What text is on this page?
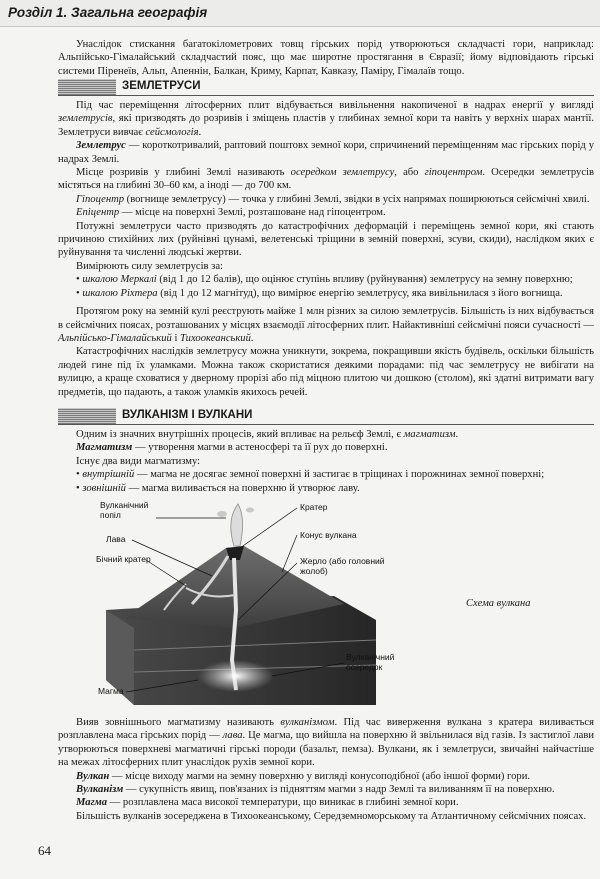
Розділ 1. Загальна географія

Унаслідок стискання багатокілометрових товщ гірських порід утворюються складчасті гори, наприклад: Альпійсько-Гімалайський складчастий пояс, що має широтне простягання в Євразії; йому відповідають гірські системи Піренеїв, Альп, Апеннін, Балкан, Криму, Карпат, Кавказу, Паміру, Гімалаїв тощо.

ЗЕМЛЕТРУСИ

Під час переміщення літосферних плит відбувається вивільнення накопиченої в надрах енергії у вигляді землетрусів, які призводять до розривів і зміщень пластів у глибинах земної кори та навіть у верхніх шарах мантії. Землетруси вивчає сейсмологія.

Землетрус — короткотривалий, раптовий поштовх земної кори, спричинений переміщенням мас гірських порід у надрах Землі.

Місце розривів у глибині Землі називають осередком землетрусу, або гіпоцентром. Осередки землетрусів містяться на глибині 30–60 км, а іноді — до 700 км.

Гіпоцентр (вогнище землетрусу) — точка у глибині Землі, звідки в усіх напрямах поширюються сейсмічні хвилі.

Епіцентр — місце на поверхні Землі, розташоване над гіпоцентром.

Потужні землетруси часто призводять до катастрофічних деформацій і переміщень земної кори, які стають причиною стихійних лих (руйнівні цунамі, велетенські тріщини в земній поверхні, зсуви, скиди), наслідком яких є руйнування та численні людські жертви.

Вимірюють силу землетрусів за:

• шкалою Меркалі (від 1 до 12 балів), що оцінює ступінь впливу (руйнування) землетрусу на земну поверхню;

• шкалою Ріхтера (від 1 до 12 магнітуд), що вимірює енергію землетрусу, яка вивільнилася з його вогнища.

Протягом року на земній кулі реєструють майже 1 млн різних за силою землетрусів. Більшість із них відбувається в сейсмічних поясах, розташованих у місцях взаємодії літосферних плит. Найактивніші сейсмічні пояси сучасності — Альпійсько-Гімалайський і Тихоокеанський.

Катастрофічних наслідків землетрусу можна уникнути, зокрема, покращивши якість будівель, оскільки більшість людей гине під їх уламками. Можна також скористатися деякими порадами: під час землетрусу не вибігати на вулицю, а краще сховатися у дверному прорізі або під міцною плитою чи дошкою (столом), які здатні витримати вагу предметів, що падають, а також уламків якихось речей.

ВУЛКАНІЗМ І ВУЛКАНИ

Одним із значних внутрішніх процесів, який впливає на рельєф Землі, є магматизм.

Магматизм — утворення магми в астеносфері та її рух до поверхні.

Існує два види магматизму:

• внутрішній — магма не досягає земної поверхні й застигає в тріщинах і порожнинах земної поверхні;

• зовнішній — магма виливається на поверхню й утворює лаву.

Вулканічний попіл
Лава
Бічний кратер
Кратер
Конус вулкана
Жерло (або головний жолоб)
Вулканічний осередок
Магма
Схема вулкана

Вияв зовнішнього магматизму називають вулканізмом. Під час виверження вулкана з кратера виливається розплавлена маса гірських порід — лава. Це магма, що вийшла на поверхню й звільнилася від газів. Із застиглої лави утворюються поверхневі магматичні гірські породи (базальт, пемза). Вулкани, як і землетруси, звичайні найчастіше на межах літосферних плит унаслідок рухів земної кори.

Вулкан — місце виходу магми на земну поверхню у вигляді конусоподібної (або іншої форми) гори.

Вулканізм — сукупність явищ, пов'язаних із підняттям магми з надр Землі та виливанням її на поверхню.

Магма — розплавлена маса високої температури, що виникає в глибині земної кори.

Більшість вулканів зосереджена в Тихоокеанському, Середземноморському та Атлантичному сейсмічних поясах.

64
